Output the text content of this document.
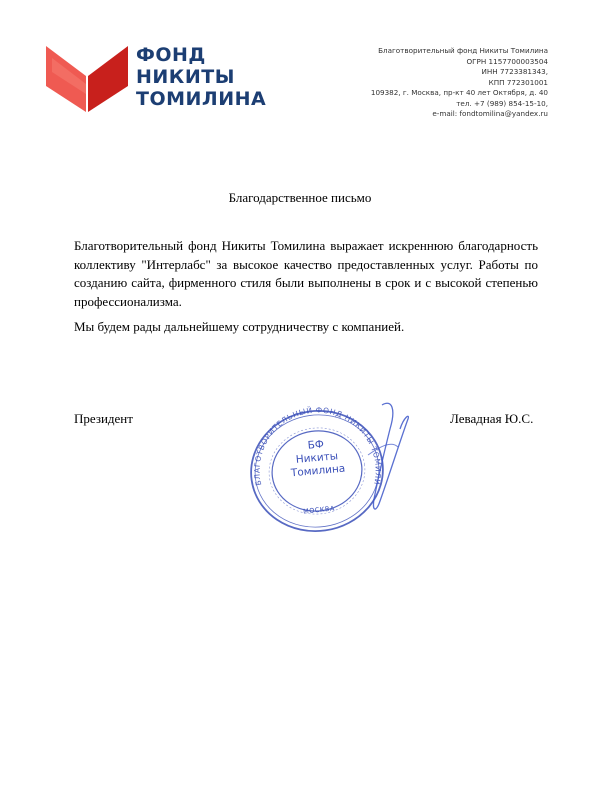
ФОНД
НИКИТЫ
ТОМИЛИНА
Благотворительный фонд Никиты Томилина
ОГРН 1157700003504
ИНН 7723381343,
КПП 772301001
109382, г. Москва, пр-кт 40 лет Октября, д. 40
тел. +7 (989) 854-15-10,
e-mail: fondtomilina@yandex.ru
Благодарственное письмо

Благотворительный фонд Никиты Томилина выражает искреннюю благодарность коллективу "Интерлабс" за высокое качество предоставленных услуг. Работы по созданию сайта, фирменного стиля были выполнены в срок и с высокой степенью профессионализма.

Мы будем рады дальнейшему сотрудничеству с компанией.

Президент	Левадная Ю.С.
БЛАГОТВОРИТЕЛЬНЫЙ ФОНД НИКИТЫ ТОМИЛИНА
БФ
Никиты
Томилина
МОСКВА
